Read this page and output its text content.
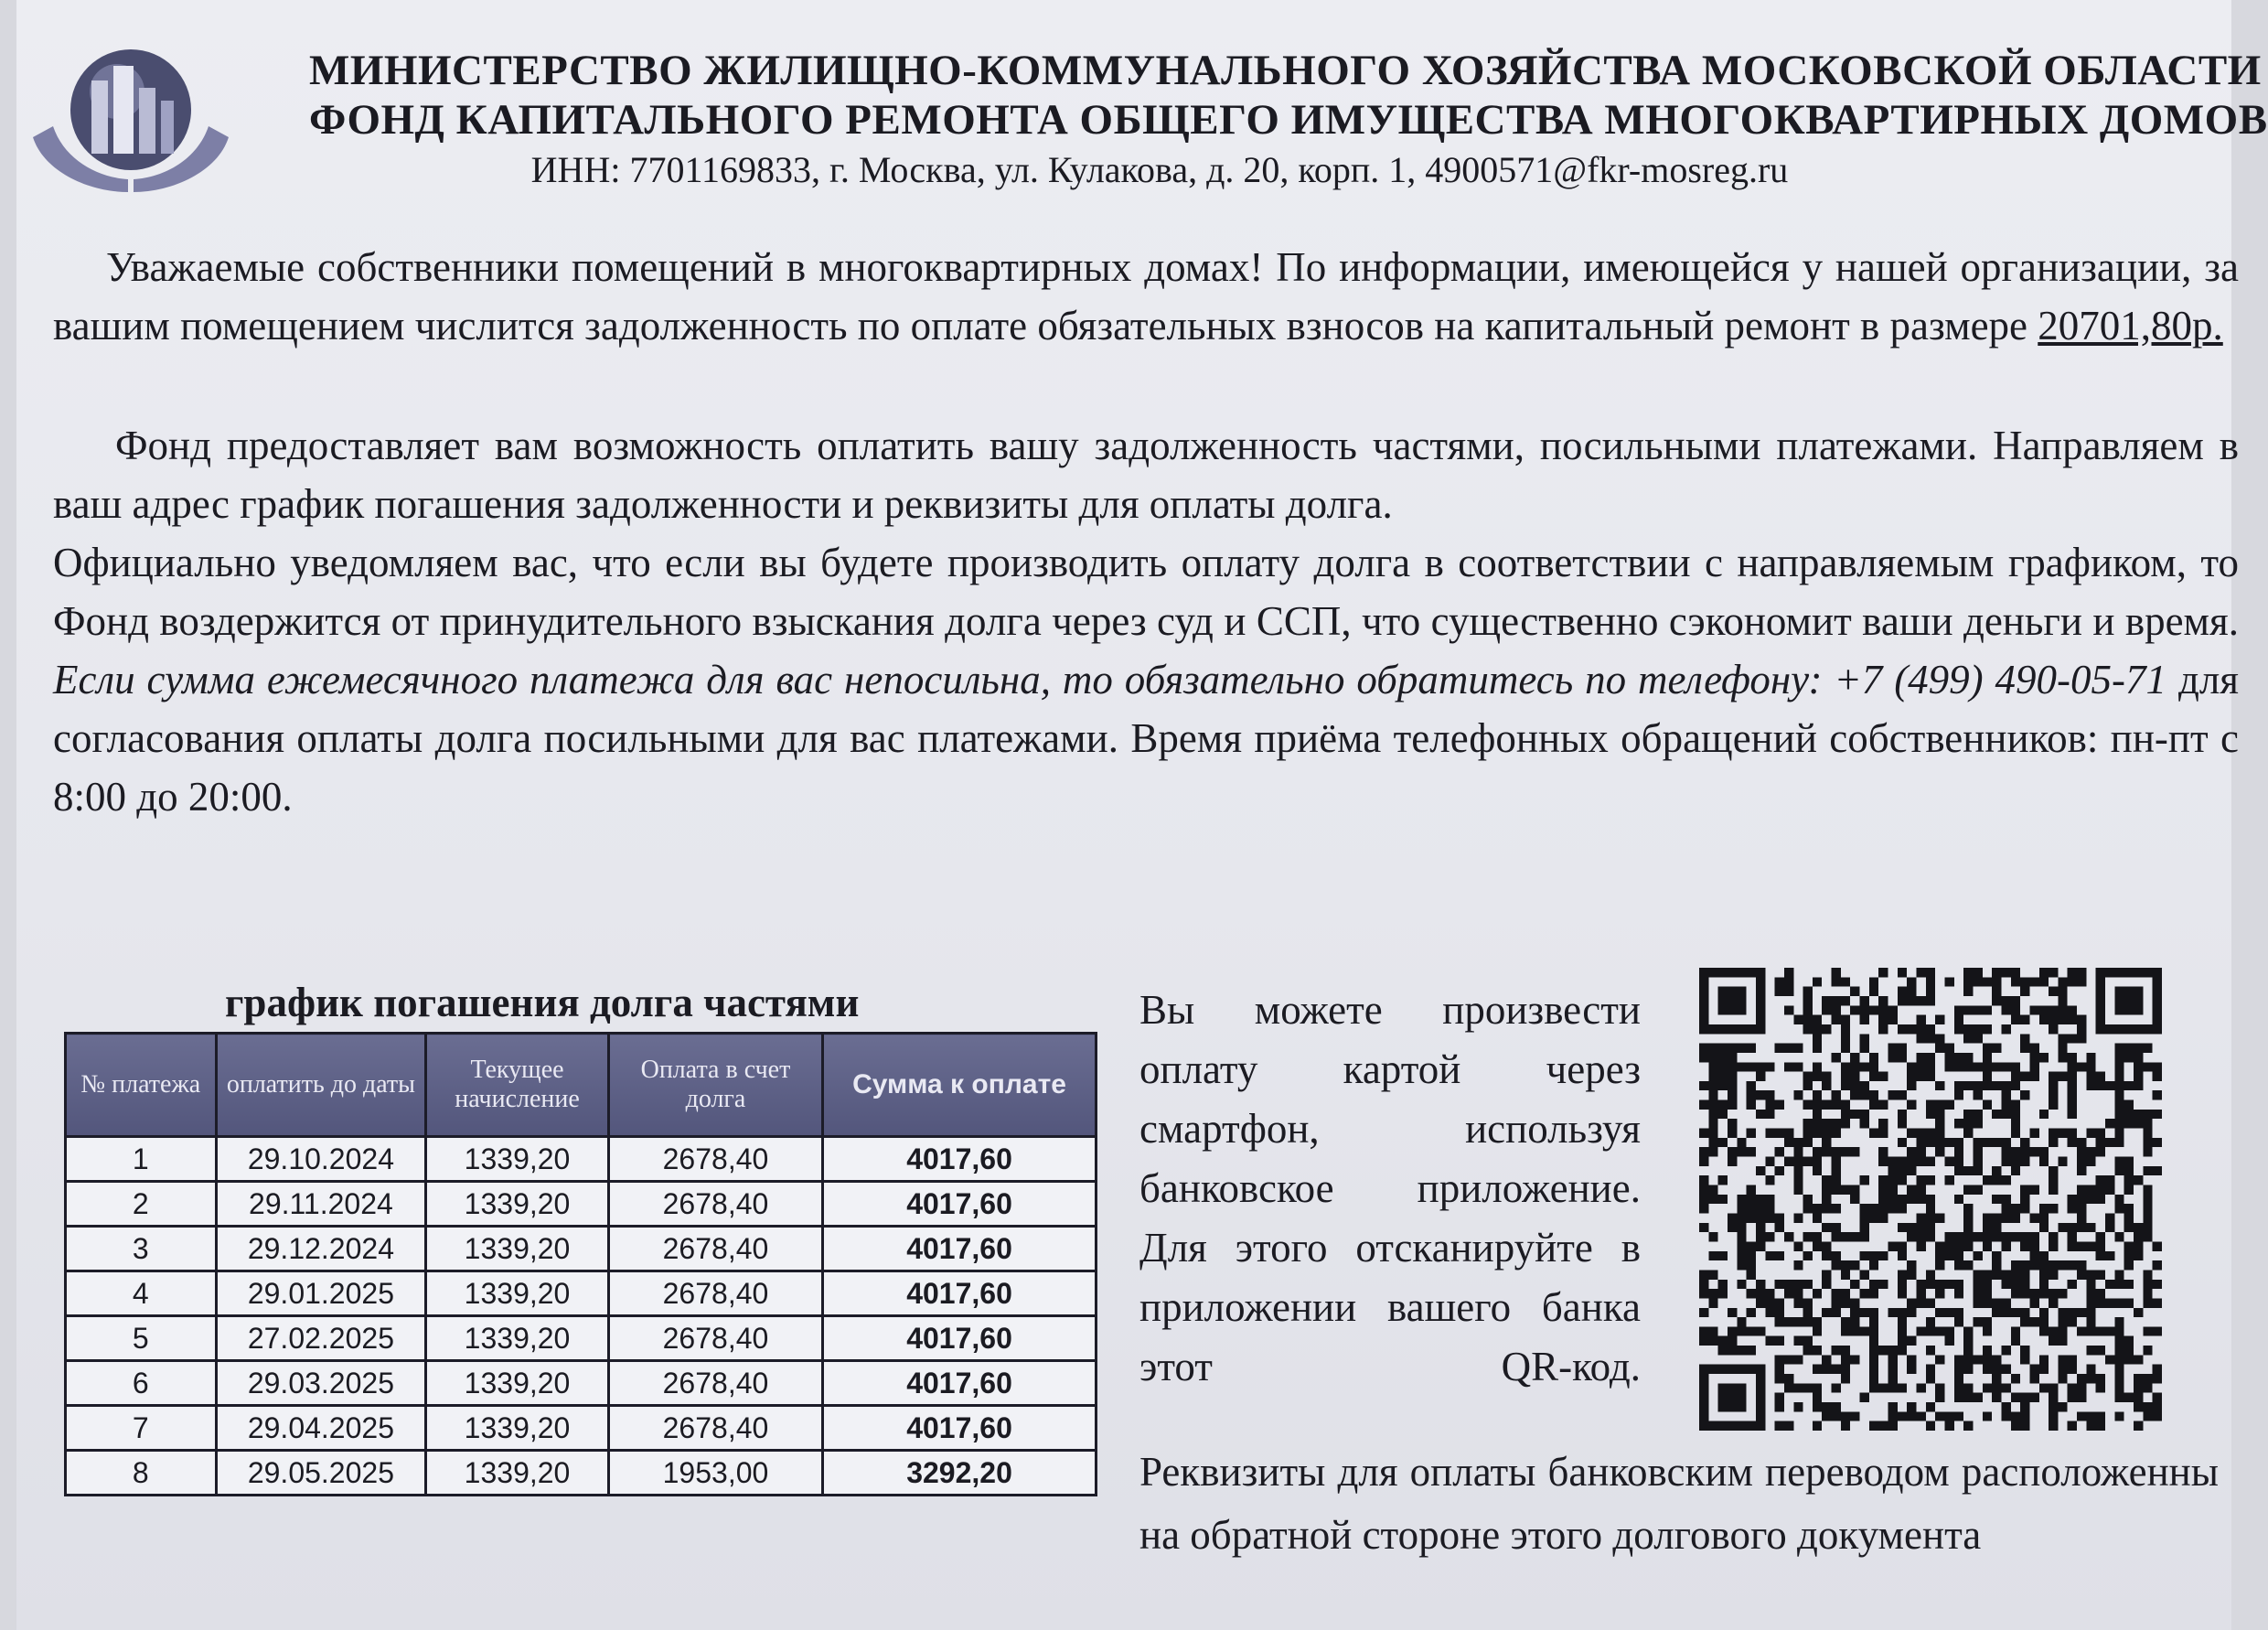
МИНИСТЕРСТВО ЖИЛИЩНО-КОММУНАЛЬНОГО ХОЗЯЙСТВА МОСКОВСКОЙ ОБЛАСТИ
ФОНД КАПИТАЛЬНОГО РЕМОНТА ОБЩЕГО ИМУЩЕСТВА МНОГОКВАРТИРНЫХ ДОМОВ
ИНН: 7701169833, г. Москва, ул. Кулакова, д. 20, корп. 1, 4900571@fkr-mosreg.ru
Уважаемые собственники помещений в многоквартирных домах! По информации, имеющейся у нашей организации, за вашим помещением числится задолженность по оплате обязательных взносов на капитальный ремонт в размере 20701,80р.

Фонд предоставляет вам возможность оплатить вашу задолженность частями, посильными платежами. Направляем в ваш адрес график погашения задолженности и реквизиты для оплаты долга.

Официально уведомляем вас, что если вы будете производить оплату долга в соответствии с направляемым графиком, то Фонд воздержится от принудительного взыскания долга через суд и ССП, что существенно сэкономит ваши деньги и время. Если сумма ежемесячного платежа для вас непосильна, то обязательно обратитесь по телефону: +7 (499) 490-05-71 для согласования оплаты долга посильными для вас платежами. Время приёма телефонных обращений собственников: пн-пт с 8:00 до 20:00.

график погашения долга частями
№ платежа	оплатить до даты	Текущее начисление	Оплата в счет долга	Сумма к оплате
1	29.10.2024	1339,20	2678,40	4017,60
2	29.11.2024	1339,20	2678,40	4017,60
3	29.12.2024	1339,20	2678,40	4017,60
4	29.01.2025	1339,20	2678,40	4017,60
5	27.02.2025	1339,20	2678,40	4017,60
6	29.03.2025	1339,20	2678,40	4017,60
7	29.04.2025	1339,20	2678,40	4017,60
8	29.05.2025	1339,20	1953,00	3292,20
Вы можете произвести оплату картой через смартфон, используя банковское приложение. Для этого отсканируйте в приложении вашего банка этот QR-код.
Реквизиты для оплаты банковским переводом расположенны на обратной стороне этого долгового документа
